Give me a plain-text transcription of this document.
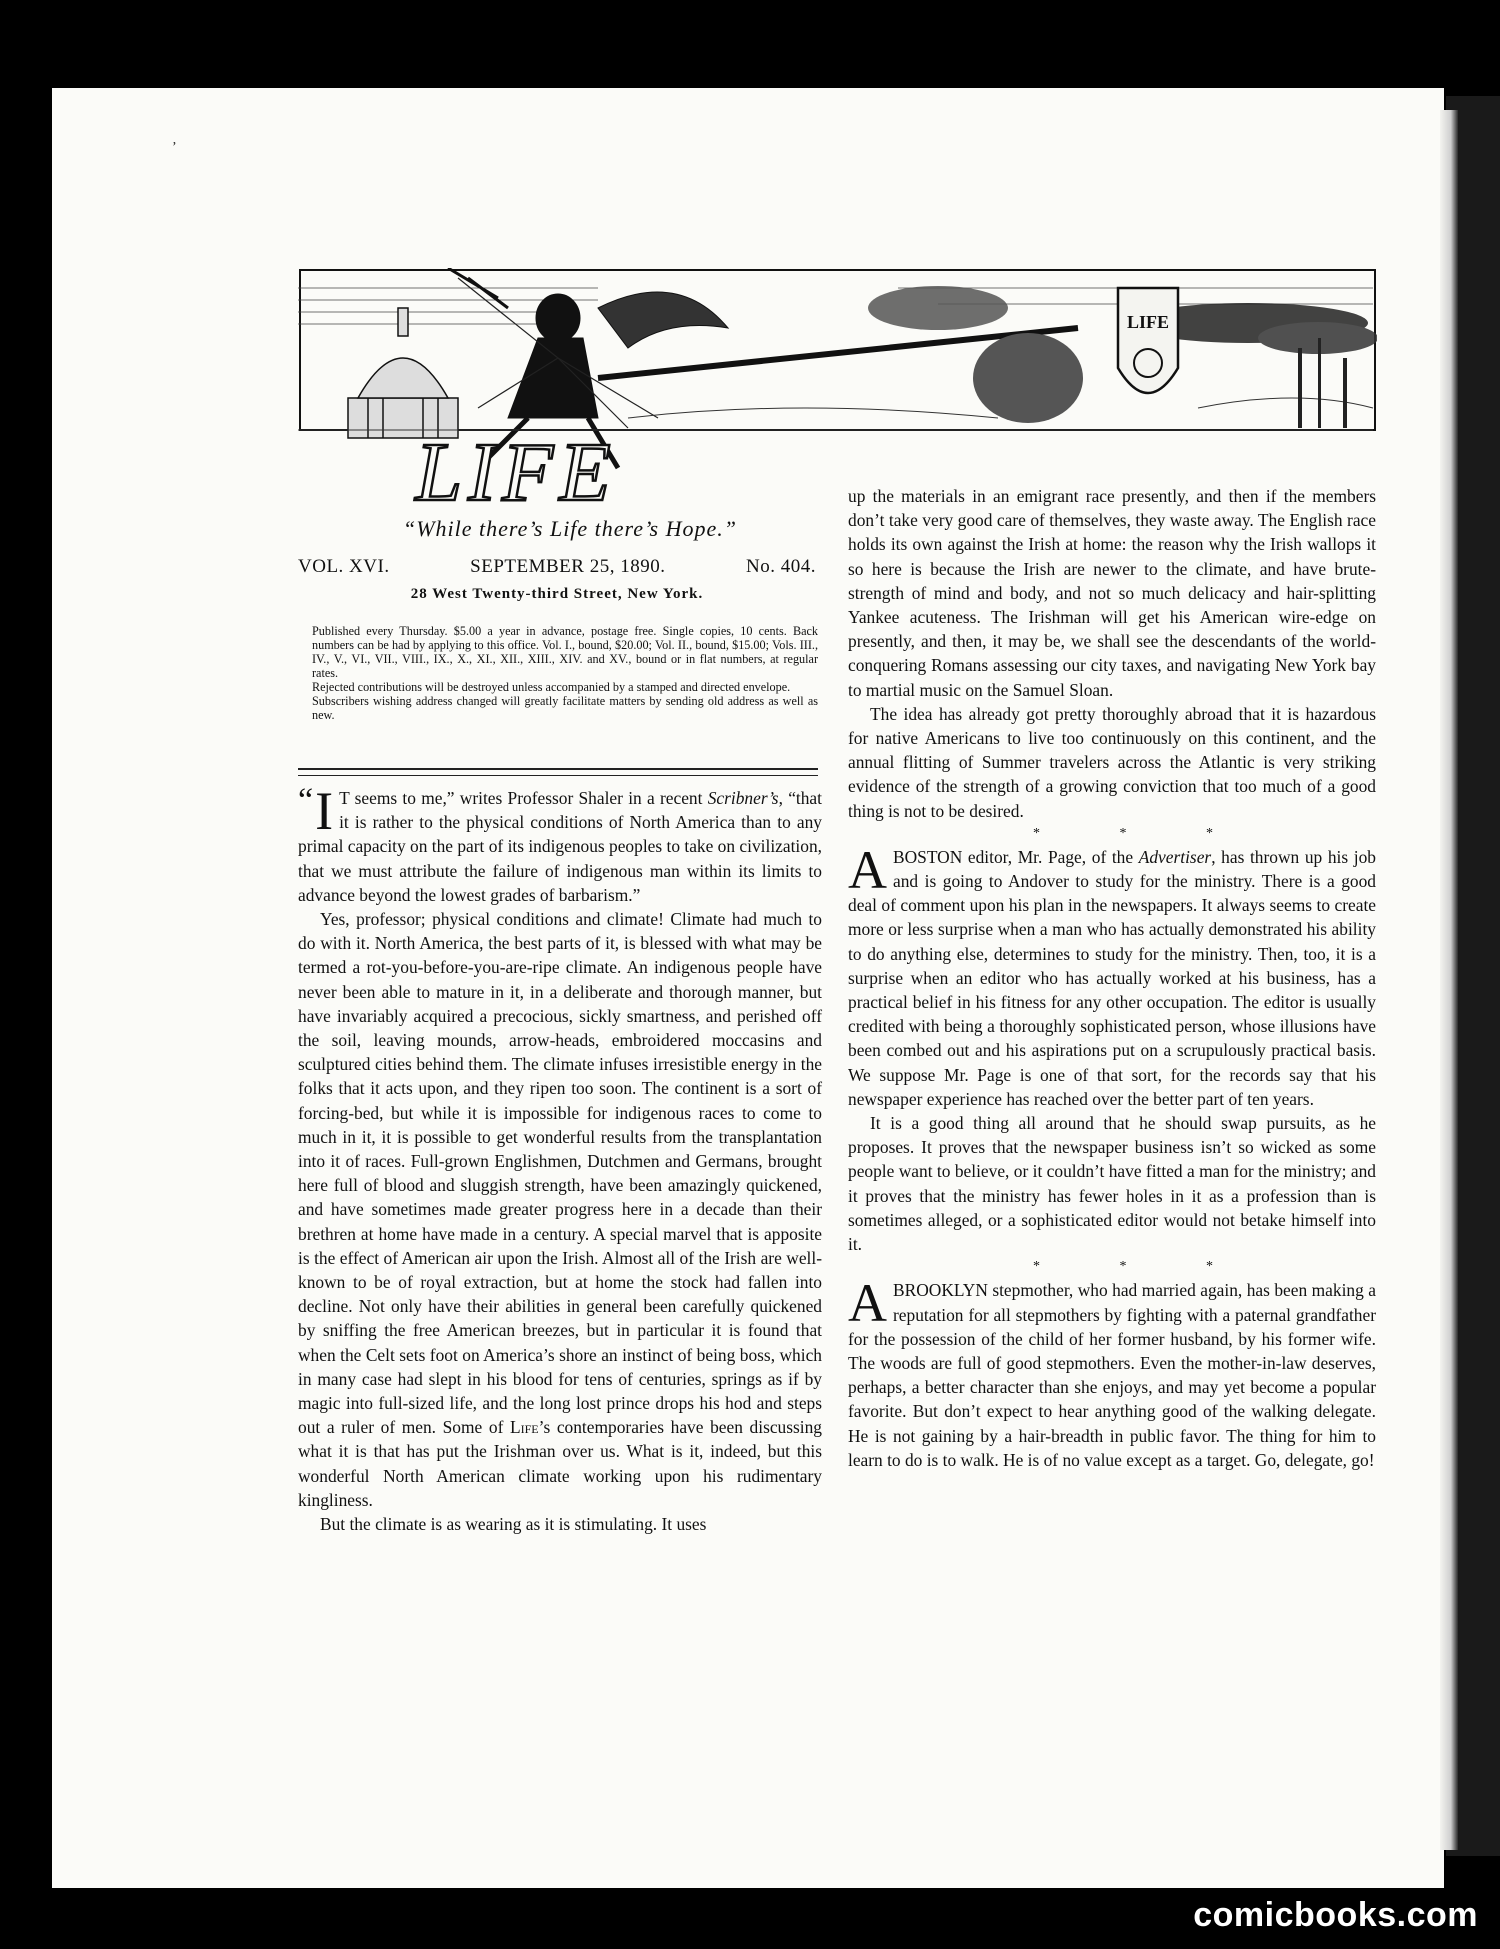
’
LIFE
LIFE
“While there’s Life there’s Hope.”
VOL. XVI.	SEPTEMBER 25, 1890.	No. 404.
28 West Twenty-third Street, New York.

Published every Thursday. $5.00 a year in advance, postage free. Single copies, 10 cents. Back numbers can be had by applying to this office. Vol. I., bound, $20.00; Vol. II., bound, $15.00; Vols. III., IV., V., VI., VII., VIII., IX., X., XI., XII., XIII., XIV. and XV., bound or in flat numbers, at regular rates.

Rejected contributions will be destroyed unless accompanied by a stamped and directed envelope.

Subscribers wishing address changed will greatly facilitate matters by sending old address as well as new.

“ I T seems to me,” writes Professor Shaler in a recent Scribner’s, “that it is rather to the physical conditions of North America than to any primal capacity on the part of its indigenous peoples to take on civilization, that we must attribute the failure of indigenous man within its limits to advance beyond the lowest grades of barbarism.”

Yes, professor; physical conditions and climate! Climate had much to do with it. North America, the best parts of it, is blessed with what may be termed a rot-you-before-you-are-ripe climate. An indigenous people have never been able to mature in it, in a deliberate and thorough manner, but have invariably acquired a precocious, sickly smartness, and perished off the soil, leaving mounds, arrow-heads, embroidered moccasins and sculptured cities behind them. The climate infuses irresistible energy in the folks that it acts upon, and they ripen too soon. The continent is a sort of forcing-bed, but while it is impossible for indigenous races to come to much in it, it is possible to get wonderful results from the transplantation into it of races. Full-grown Englishmen, Dutchmen and Germans, brought here full of blood and sluggish strength, have been amazingly quickened, and have sometimes made greater progress here in a decade than their brethren at home have made in a century. A special marvel that is apposite is the effect of American air upon the Irish. Almost all of the Irish are well-known to be of royal extraction, but at home the stock had fallen into decline. Not only have their abilities in general been carefully quickened by sniffing the free American breezes, but in particular it is found that when the Celt sets foot on America’s shore an instinct of being boss, which in many case had slept in his blood for tens of centuries, springs as if by magic into full-sized life, and the long lost prince drops his hod and steps out a ruler of men. Some of Life’s contemporaries have been discussing what it is that has put the Irishman over us. What is it, indeed, but this wonderful North American climate working upon his rudimentary kingliness.

But the climate is as wearing as it is stimulating. It uses

up the materials in an emigrant race presently, and then if the members don’t take very good care of themselves, they waste away. The English race holds its own against the Irish at home: the reason why the Irish wallops it so here is because the Irish are newer to the climate, and have brute-strength of mind and body, and not so much delicacy and hair-splitting Yankee acuteness. The Irishman will get his American wire-edge on presently, and then, it may be, we shall see the descendants of the world-conquering Romans assessing our city taxes, and navigating New York bay to martial music on the Samuel Sloan.

The idea has already got pretty thoroughly abroad that it is hazardous for native Americans to live too continuously on this continent, and the annual flitting of Summer travelers across the Atlantic is very striking evidence of the strength of a growing conviction that too much of a good thing is not to be desired.

* * *

ABOSTON editor, Mr. Page, of the Advertiser, has thrown up his job and is going to Andover to study for the ministry. There is a good deal of comment upon his plan in the newspapers. It always seems to create more or less surprise when a man who has actually demonstrated his ability to do anything else, determines to study for the ministry. Then, too, it is a surprise when an editor who has actually worked at his business, has a practical belief in his fitness for any other occupation. The editor is usually credited with being a thoroughly sophisticated person, whose illusions have been combed out and his aspirations put on a scrupulously practical basis. We suppose Mr. Page is one of that sort, for the records say that his newspaper experience has reached over the better part of ten years.

It is a good thing all around that he should swap pursuits, as he proposes. It proves that the newspaper business isn’t so wicked as some people want to believe, or it couldn’t have fitted a man for the ministry; and it proves that the ministry has fewer holes in it as a profession than is sometimes alleged, or a sophisticated editor would not betake himself into it.

* * *

ABROOKLYN stepmother, who had married again, has been making a reputation for all stepmothers by fighting with a paternal grandfather for the possession of the child of her former husband, by his former wife. The woods are full of good stepmothers. Even the mother-in-law deserves, perhaps, a better character than she enjoys, and may yet become a popular favorite. But don’t expect to hear anything good of the walking delegate. He is not gaining by a hair-breadth in public favor. The thing for him to learn to do is to walk. He is of no value except as a target. Go, delegate, go!

comicbooks.com
